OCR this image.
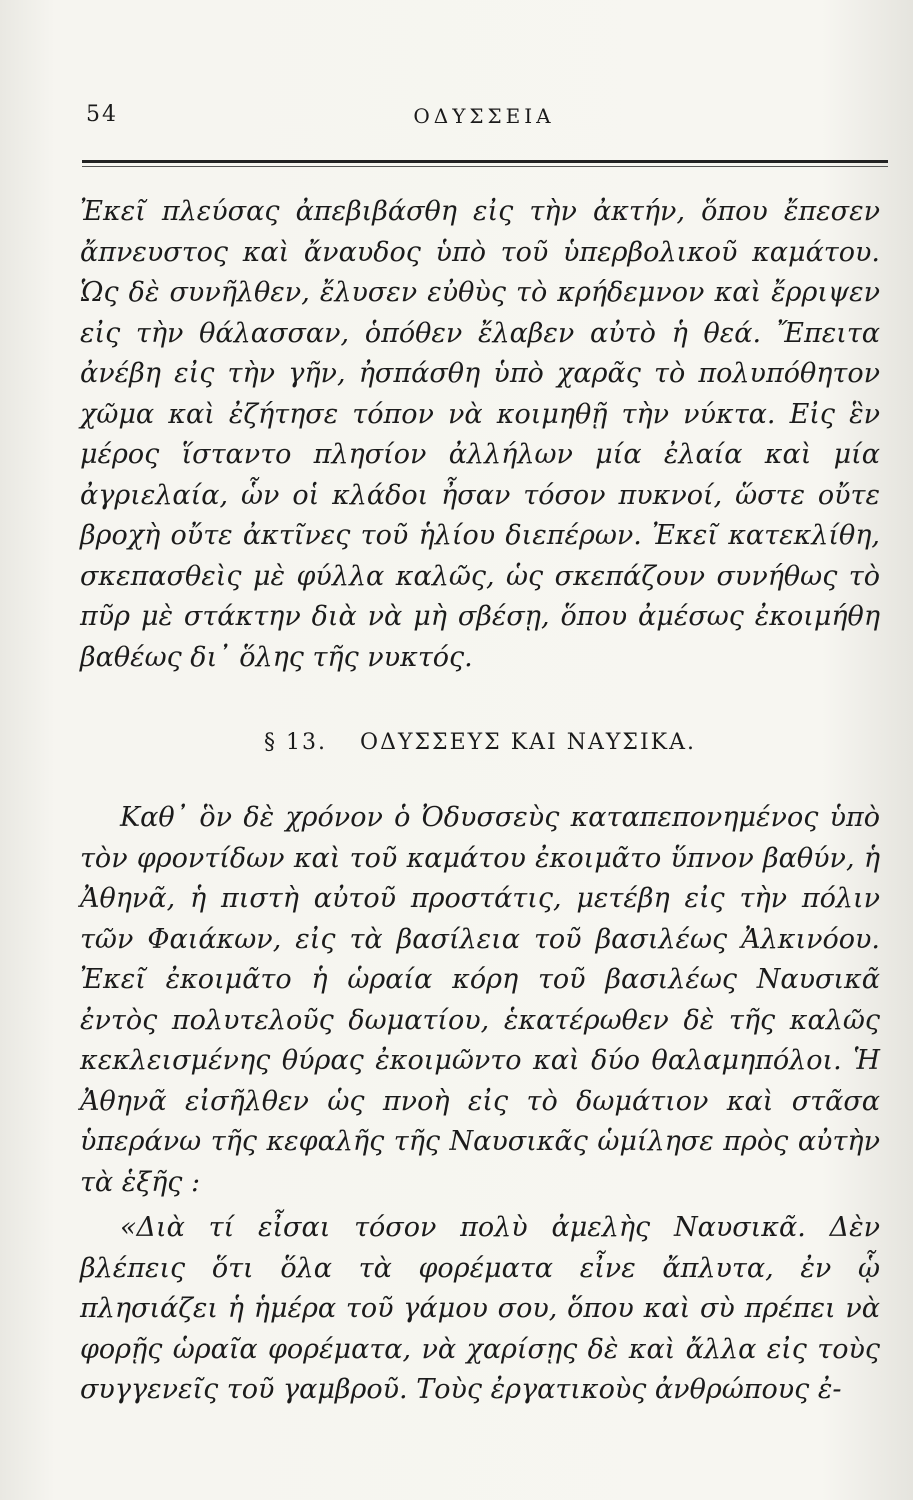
54	ΟΔΥΣΣΕΙΑ

Ἐκεῖ πλεύσας ἀπεβιβάσθη εἰς τὴν ἀκτήν, ὅπου ἔπεσεν ἄπνευστος καὶ ἄναυδος ὑπὸ τοῦ ὑπερβολικοῦ καμάτου. Ὡς δὲ συνῆλθεν, ἔλυσεν εὐθὺς τὸ κρήδεμνον καὶ ἔρριψεν εἰς τὴν θάλασσαν, ὁπόθεν ἔλαβεν αὐτὸ ἡ θεά. Ἔπειτα ἀνέβη εἰς τὴν γῆν, ἠσπάσθη ὑπὸ χαρᾶς τὸ πολυπόθητον χῶμα καὶ ἐζήτησε τόπον νὰ κοιμηθῇ τὴν νύκτα. Εἰς ἓν μέρος ἵσταντο πλησίον ἀλλήλων μία ἐλαία καὶ μία ἀγριελαία, ὧν οἱ κλάδοι ἦσαν τόσον πυκνοί, ὥστε οὔτε βροχὴ οὔτε ἀκτῖνες τοῦ ἡλίου διεπέρων. Ἐκεῖ κατεκλίθη, σκεπασθεὶς μὲ φύλλα καλῶς, ὡς σκεπάζουν συνήθως τὸ πῦρ μὲ στάκτην διὰ νὰ μὴ σβέσῃ, ὅπου ἀμέσως ἐκοιμήθη βαθέως δι᾽ ὅλης τῆς νυκτός.

§ 13. ΟΔΥΣΣΕΥΣ ΚΑΙ ΝΑΥΣΙΚΑ.

Καθ᾽ ὃν δὲ χρόνον ὁ Ὀδυσσεὺς καταπεπονημένος ὑπὸ τὸν φροντίδων καὶ τοῦ καμάτου ἐκοιμᾶτο ὕπνον βαθύν, ἡ Ἀθηνᾶ, ἡ πιστὴ αὐτοῦ προστάτις, μετέβη εἰς τὴν πόλιν τῶν Φαιάκων, εἰς τὰ βασίλεια τοῦ βασιλέως Ἀλκινόου. Ἐκεῖ ἐκοιμᾶτο ἡ ὡραία κόρη τοῦ βασιλέως Ναυσικᾶ ἐντὸς πολυτελοῦς δωματίου, ἑκατέρωθεν δὲ τῆς καλῶς κεκλεισμένης θύρας ἐκοιμῶντο καὶ δύο θαλαμηπόλοι. Ἡ Ἀθηνᾶ εἰσῆλθεν ὡς πνοὴ εἰς τὸ δωμάτιον καὶ στᾶσα ὑπεράνω τῆς κεφαλῆς τῆς Ναυσικᾶς ὡμίλησε πρὸς αὐτὴν τὰ ἑξῆς :

«Διὰ τί εἶσαι τόσον πολὺ ἀμελὴς Ναυσικᾶ. Δὲν βλέπεις ὅτι ὅλα τὰ φορέματα εἶνε ἄπλυτα, ἐν ᾧ πλησιάζει ἡ ἡμέρα τοῦ γάμου σου, ὅπου καὶ σὺ πρέπει νὰ φορῇς ὡραῖα φορέματα, νὰ χαρίσῃς δὲ καὶ ἄλλα εἰς τοὺς συγγενεῖς τοῦ γαμβροῦ. Τοὺς ἐργατικοὺς ἀνθρώπους ἐ-
